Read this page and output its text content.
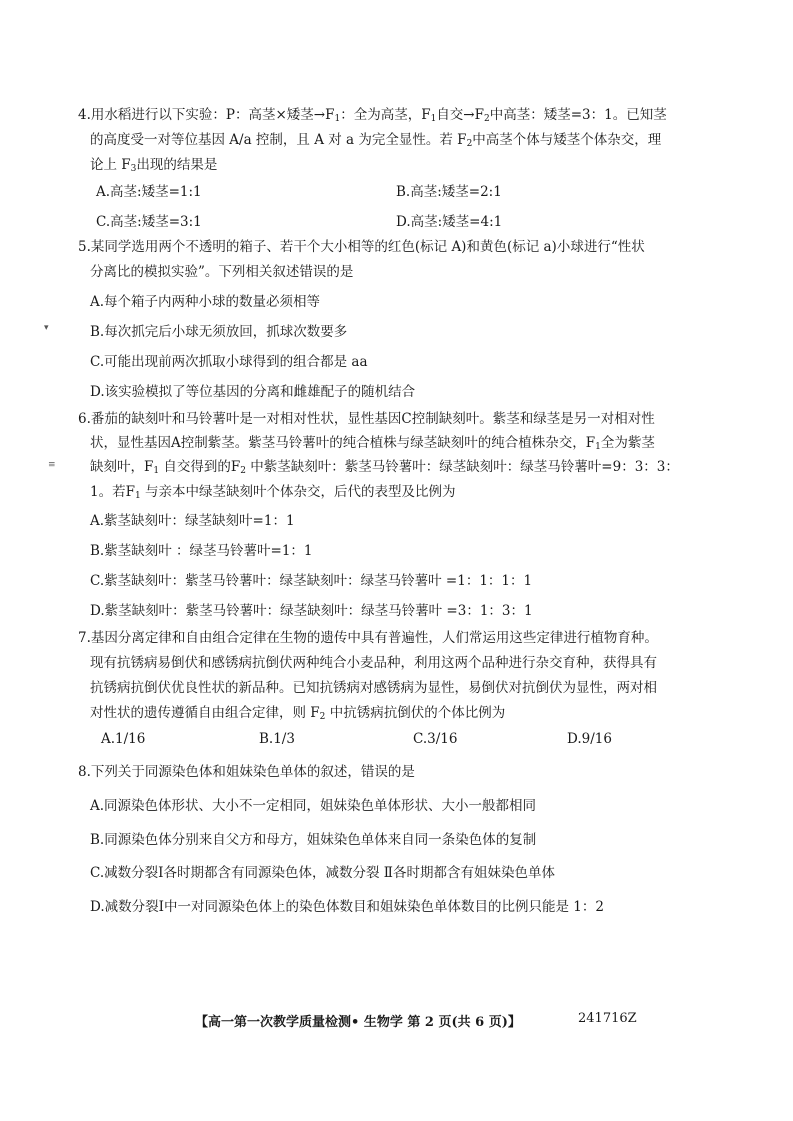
4.用水稻进行以下实验：P：高茎×矮茎$\to F_1$：全为高茎，$F_1$自交$\to F_2$中高茎：矮茎=3：1。已知茎
的高度受一对等位基因 A/a 控制，且 A 对 a 为完全显性。若 $F_2$中高茎个体与矮茎个体杂交，理
论上 $F_3$出现的结果是
A.高茎:矮茎=1:1	B.高茎:矮茎=2:1
C.高茎:矮茎=3:1	D.高茎:矮茎=4:1
5.某同学选用两个不透明的箱子、若干个大小相等的红色(标记 A)和黄色(标记 a)小球进行“性状
分离比的模拟实验”。下列相关叙述错误的是
A.每个箱子内两种小球的数量必须相等
▾	B.每次抓完后小球无须放回，抓球次数要多
C.可能出现前两次抓取小球得到的组合都是 aa
D.该实验模拟了等位基因的分离和雌雄配子的随机结合
6.番茄的缺刻叶和马铃薯叶是一对相对性状，显性基因C控制缺刻叶。紫茎和绿茎是另一对相对性
状，显性基因A控制紫茎。紫茎马铃薯叶的纯合植株与绿茎缺刻叶的纯合植株杂交，$F_1$全为紫茎
≡	缺刻叶，$F_1$ 自交得到的$F_2$ 中紫茎缺刻叶：紫茎马铃薯叶：绿茎缺刻叶：绿茎马铃薯叶=9：3：3：
1。若$F_1$ 与亲本中绿茎缺刻叶个体杂交，后代的表型及比例为
A.紫茎缺刻叶：绿茎缺刻叶=1：1
B.紫茎缺刻叶 ：绿茎马铃薯叶=1：1
C.紫茎缺刻叶：紫茎马铃薯叶：绿茎缺刻叶：绿茎马铃薯叶 =1：1：1：1
D.紫茎缺刻叶：紫茎马铃薯叶：绿茎缺刻叶：绿茎马铃薯叶 =3：1：3：1
7.基因分离定律和自由组合定律在生物的遗传中具有普遍性，人们常运用这些定律进行植物育种。
现有抗锈病易倒伏和感锈病抗倒伏两种纯合小麦品种，利用这两个品种进行杂交育种，获得具有
抗锈病抗倒伏优良性状的新品种。已知抗锈病对感锈病为显性，易倒伏对抗倒伏为显性，两对相
对性状的遗传遵循自由组合定律，则 $F_2$ 中抗锈病抗倒伏的个体比例为
A.1/16	B.1/3	C.3/16	D.9/16
8.下列关于同源染色体和姐妹染色单体的叙述，错误的是
A.同源染色体形状、大小不一定相同，姐妹染色单体形状、大小一般都相同
B.同源染色体分别来自父方和母方，姐妹染色单体来自同一条染色体的复制
C.减数分裂Ⅰ各时期都含有同源染色体，减数分裂 Ⅱ各时期都含有姐妹染色单体
D.减数分裂Ⅰ中一对同源染色体上的染色体数目和姐妹染色单体数目的比例只能是 1：2
【高一第一次教学质量检测• 生物学 第 2 页(共 6 页)】	241716Z
